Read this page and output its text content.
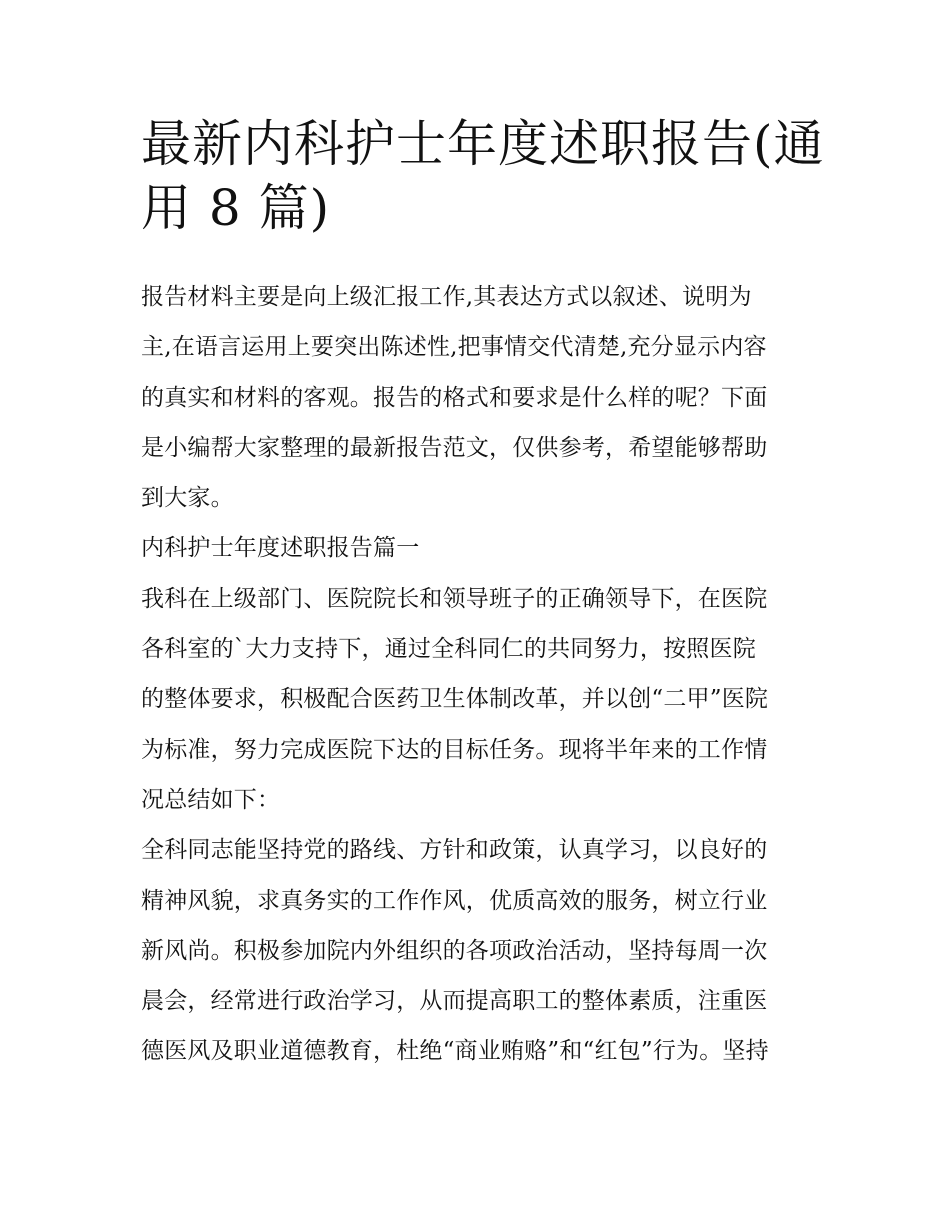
最新内科护士年度述职报告(通
用 8 篇)
报告材料主要是向上级汇报工作,其表达方式以叙述、说明为
主,在语言运用上要突出陈述性,把事情交代清楚,充分显示内容
的真实和材料的客观。报告的格式和要求是什么样的呢？下面
是小编帮大家整理的最新报告范文，仅供参考，希望能够帮助
到大家。
内科护士年度述职报告篇一
我科在上级部门、医院院长和领导班子的正确领导下，在医院
各科室的`大力支持下，通过全科同仁的共同努力，按照医院
的整体要求，积极配合医药卫生体制改革，并以创“二甲”医院
为标准，努力完成医院下达的目标任务。现将半年来的工作情
况总结如下：
全科同志能坚持党的路线、方针和政策，认真学习，以良好的
精神风貌，求真务实的工作作风，优质高效的服务，树立行业
新风尚。积极参加院内外组织的各项政治活动，坚持每周一次
晨会，经常进行政治学习，从而提高职工的整体素质，注重医
德医风及职业道德教育，杜绝“商业贿赂”和“红包”行为。坚持
